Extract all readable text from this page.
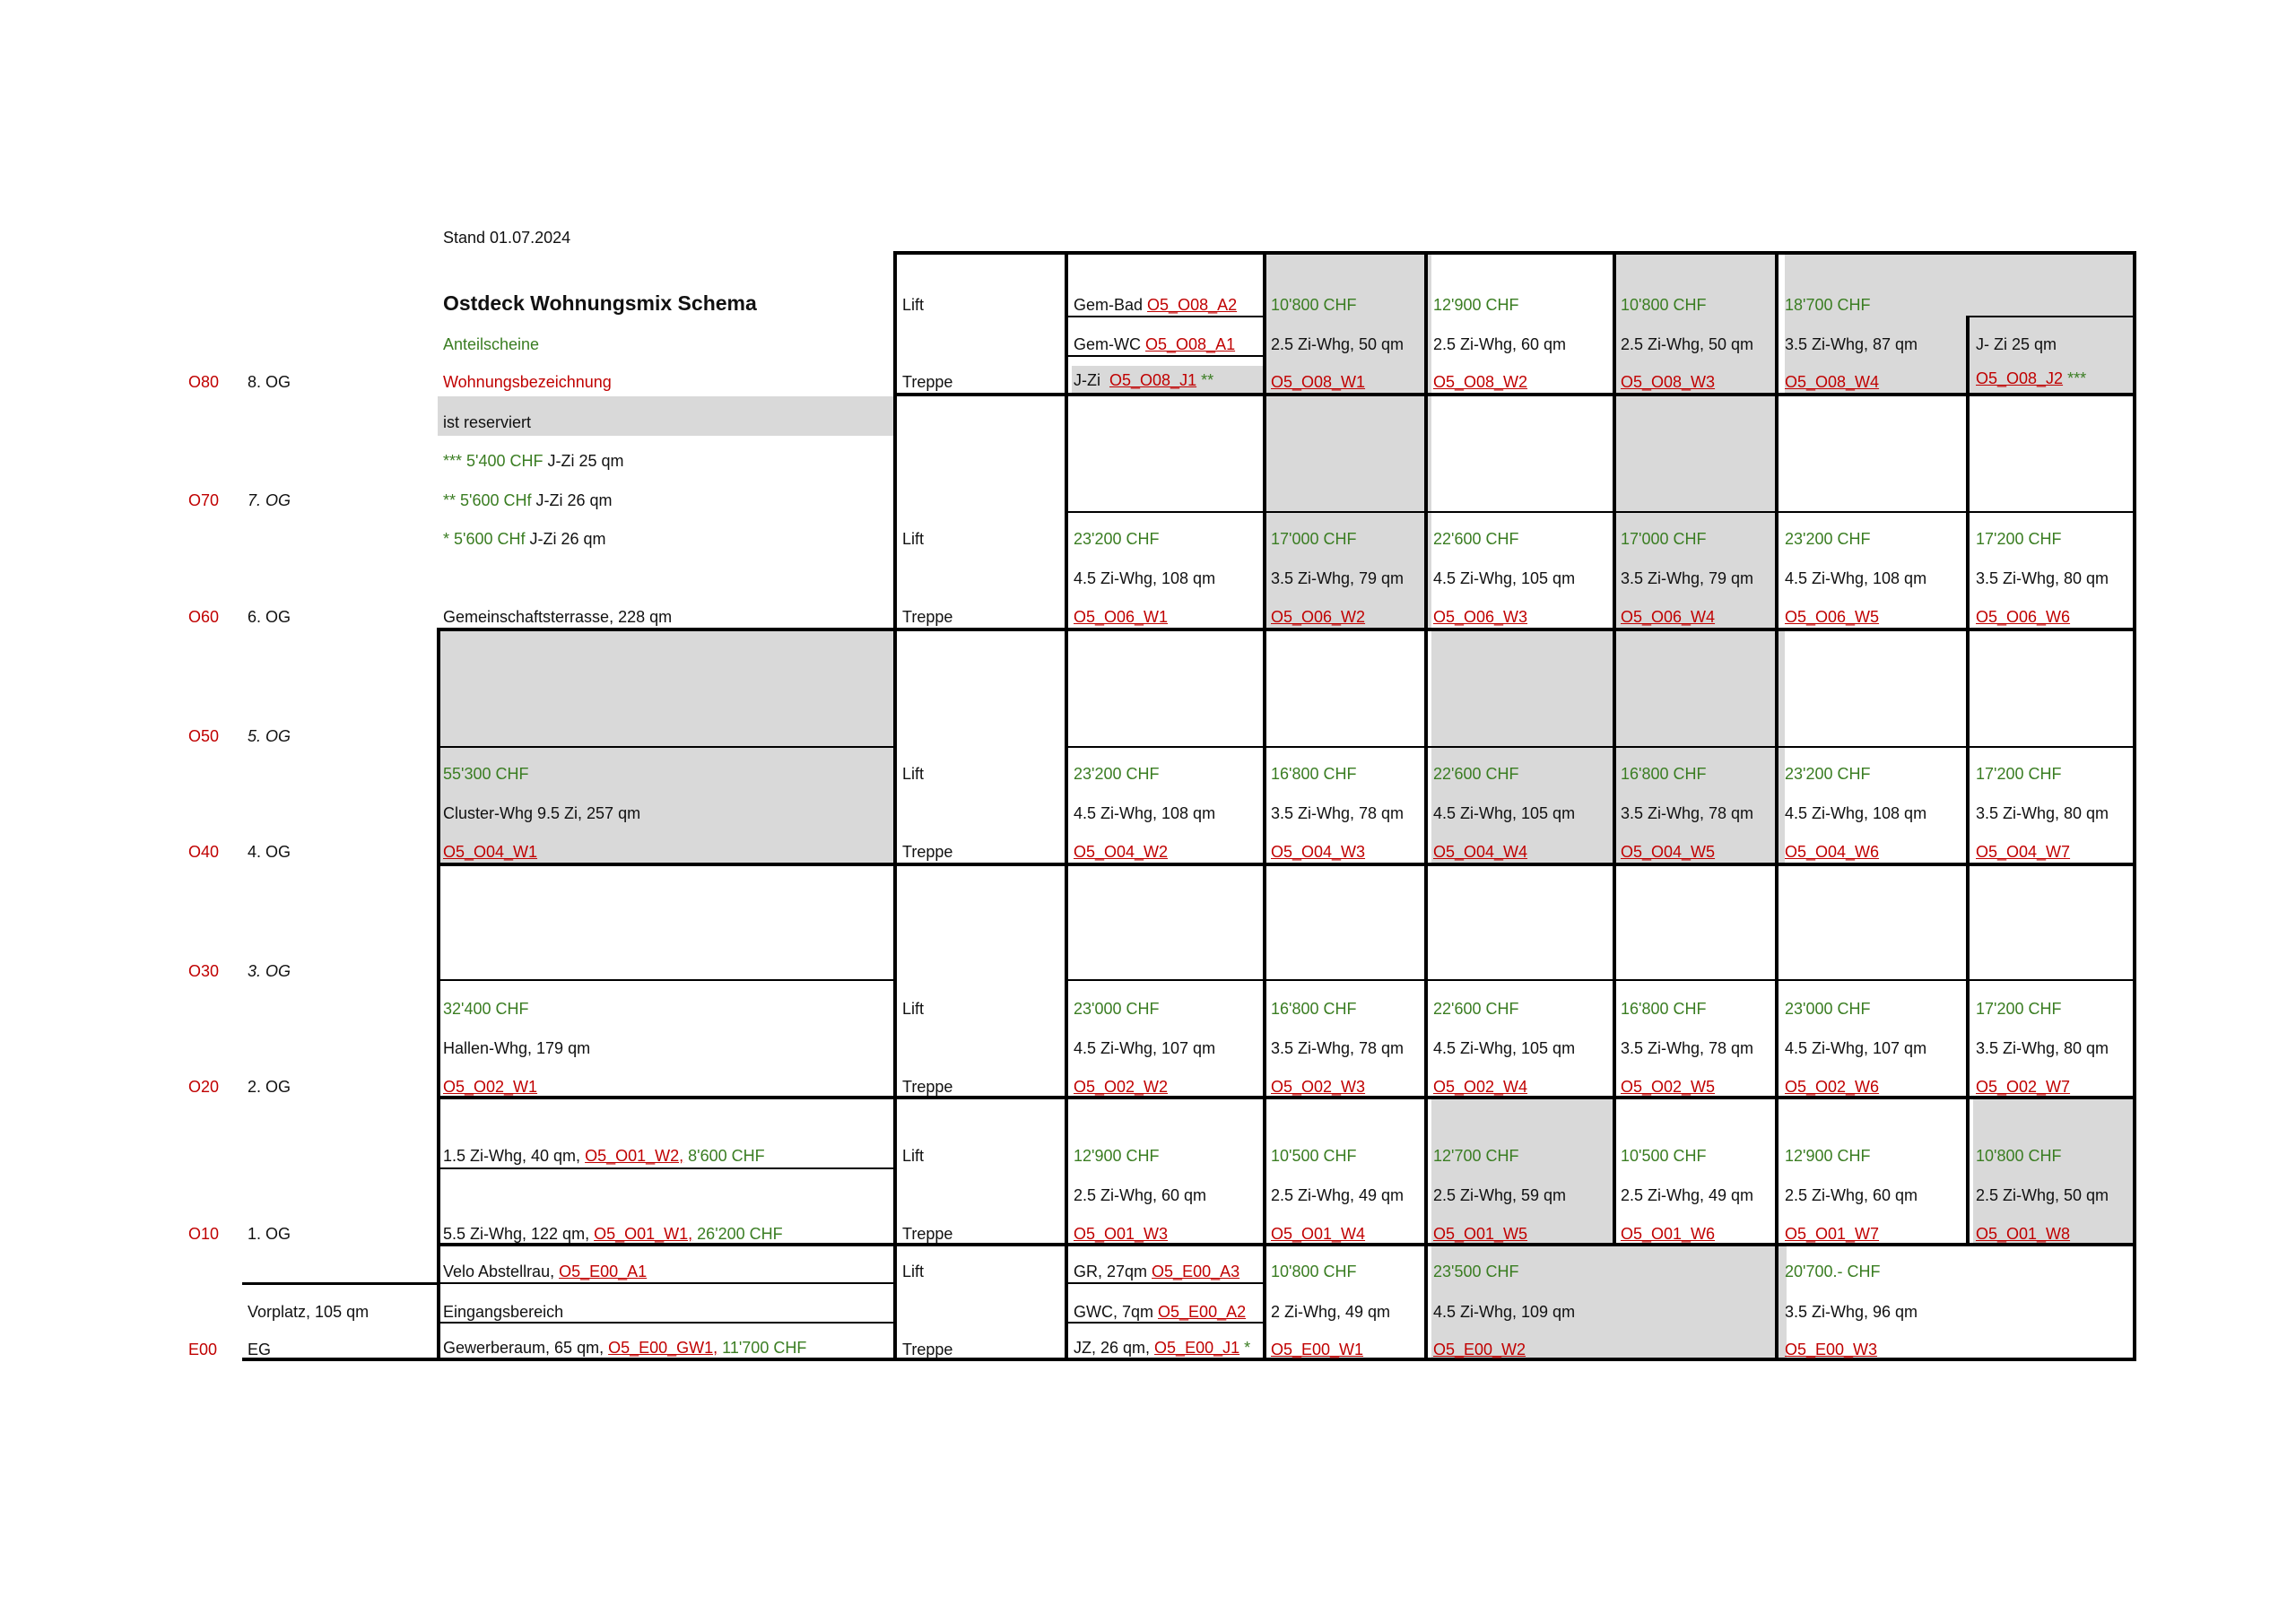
Stand 01.07.2024
Ostdeck Wohnungsmix Schema
Anteilscheine
Wohnungsbezeichnung
ist reserviert
*** 5'400 CHF J-Zi 25 qm
** 5'600 CHf J-Zi 26 qm
* 5'600 CHf J-Zi 26 qm
O80 8. OG
O70 7. OG
O60 6. OG
O50 5. OG
O40 4. OG
O30 3. OG
O20 2. OG
O10 1. OG
E00 EG
Lift
Treppe
Lift
Treppe
Lift
Treppe
Lift
Treppe
Lift
Treppe
Lift
Treppe
Gem-Bad O5_O08_A2
Gem-WC O5_O08_A1
J-Zi O5_O08_J1 **
10'800 CHF
2.5 Zi-Whg, 50 qm
O5_O08_W1
12'900 CHF
2.5 Zi-Whg, 60 qm
O5_O08_W2
10'800 CHF
2.5 Zi-Whg, 50 qm
O5_O08_W3
18'700 CHF
3.5 Zi-Whg, 87 qm
O5_O08_W4
J- Zi 25 qm
O5_O08_J2 ***
Gemeinschaftsterrasse, 228 qm
23'200 CHF
4.5 Zi-Whg, 108 qm
O5_O06_W1
17'000 CHF
3.5 Zi-Whg, 79 qm
O5_O06_W2
22'600 CHF
4.5 Zi-Whg, 105 qm
O5_O06_W3
17'000 CHF
3.5 Zi-Whg, 79 qm
O5_O06_W4
23'200 CHF
4.5 Zi-Whg, 108 qm
O5_O06_W5
17'200 CHF
3.5 Zi-Whg, 80 qm
O5_O06_W6
55'300 CHF
Cluster-Whg 9.5 Zi, 257 qm
O5_O04_W1
23'200 CHF
4.5 Zi-Whg, 108 qm
O5_O04_W2
16'800 CHF
3.5 Zi-Whg, 78 qm
O5_O04_W3
22'600 CHF
4.5 Zi-Whg, 105 qm
O5_O04_W4
16'800 CHF
3.5 Zi-Whg, 78 qm
O5_O04_W5
23'200 CHF
4.5 Zi-Whg, 108 qm
O5_O04_W6
17'200 CHF
3.5 Zi-Whg, 80 qm
O5_O04_W7
32'400 CHF
Hallen-Whg, 179 qm
O5_O02_W1
23'000 CHF
4.5 Zi-Whg, 107 qm
O5_O02_W2
16'800 CHF
3.5 Zi-Whg, 78 qm
O5_O02_W3
22'600 CHF
4.5 Zi-Whg, 105 qm
O5_O02_W4
16'800 CHF
3.5 Zi-Whg, 78 qm
O5_O02_W5
23'000 CHF
4.5 Zi-Whg, 107 qm
O5_O02_W6
17'200 CHF
3.5 Zi-Whg, 80 qm
O5_O02_W7
1.5 Zi-Whg, 40 qm, O5_O01_W2, 8'600 CHF
5.5 Zi-Whg, 122 qm, O5_O01_W1, 26'200 CHF
12'900 CHF
2.5 Zi-Whg, 60 qm
O5_O01_W3
10'500 CHF
2.5 Zi-Whg, 49 qm
O5_O01_W4
12'700 CHF
2.5 Zi-Whg, 59 qm
O5_O01_W5
10'500 CHF
2.5 Zi-Whg, 49 qm
O5_O01_W6
12'900 CHF
2.5 Zi-Whg, 60 qm
O5_O01_W7
10'800 CHF
2.5 Zi-Whg, 50 qm
O5_O01_W8
Vorplatz, 105 qm
Velo Abstellrau, O5_E00_A1
Eingangsbereich
Gewerberaum, 65 qm, O5_E00_GW1, 11'700 CHF
GR, 27qm O5_E00_A3
GWC, 7qm O5_E00_A2
JZ, 26 qm, O5_E00_J1 *
10'800 CHF
2 Zi-Whg, 49 qm
O5_E00_W1
23'500 CHF
4.5 Zi-Whg, 109 qm
O5_E00_W2
20'700.- CHF
3.5 Zi-Whg, 96 qm
O5_E00_W3
